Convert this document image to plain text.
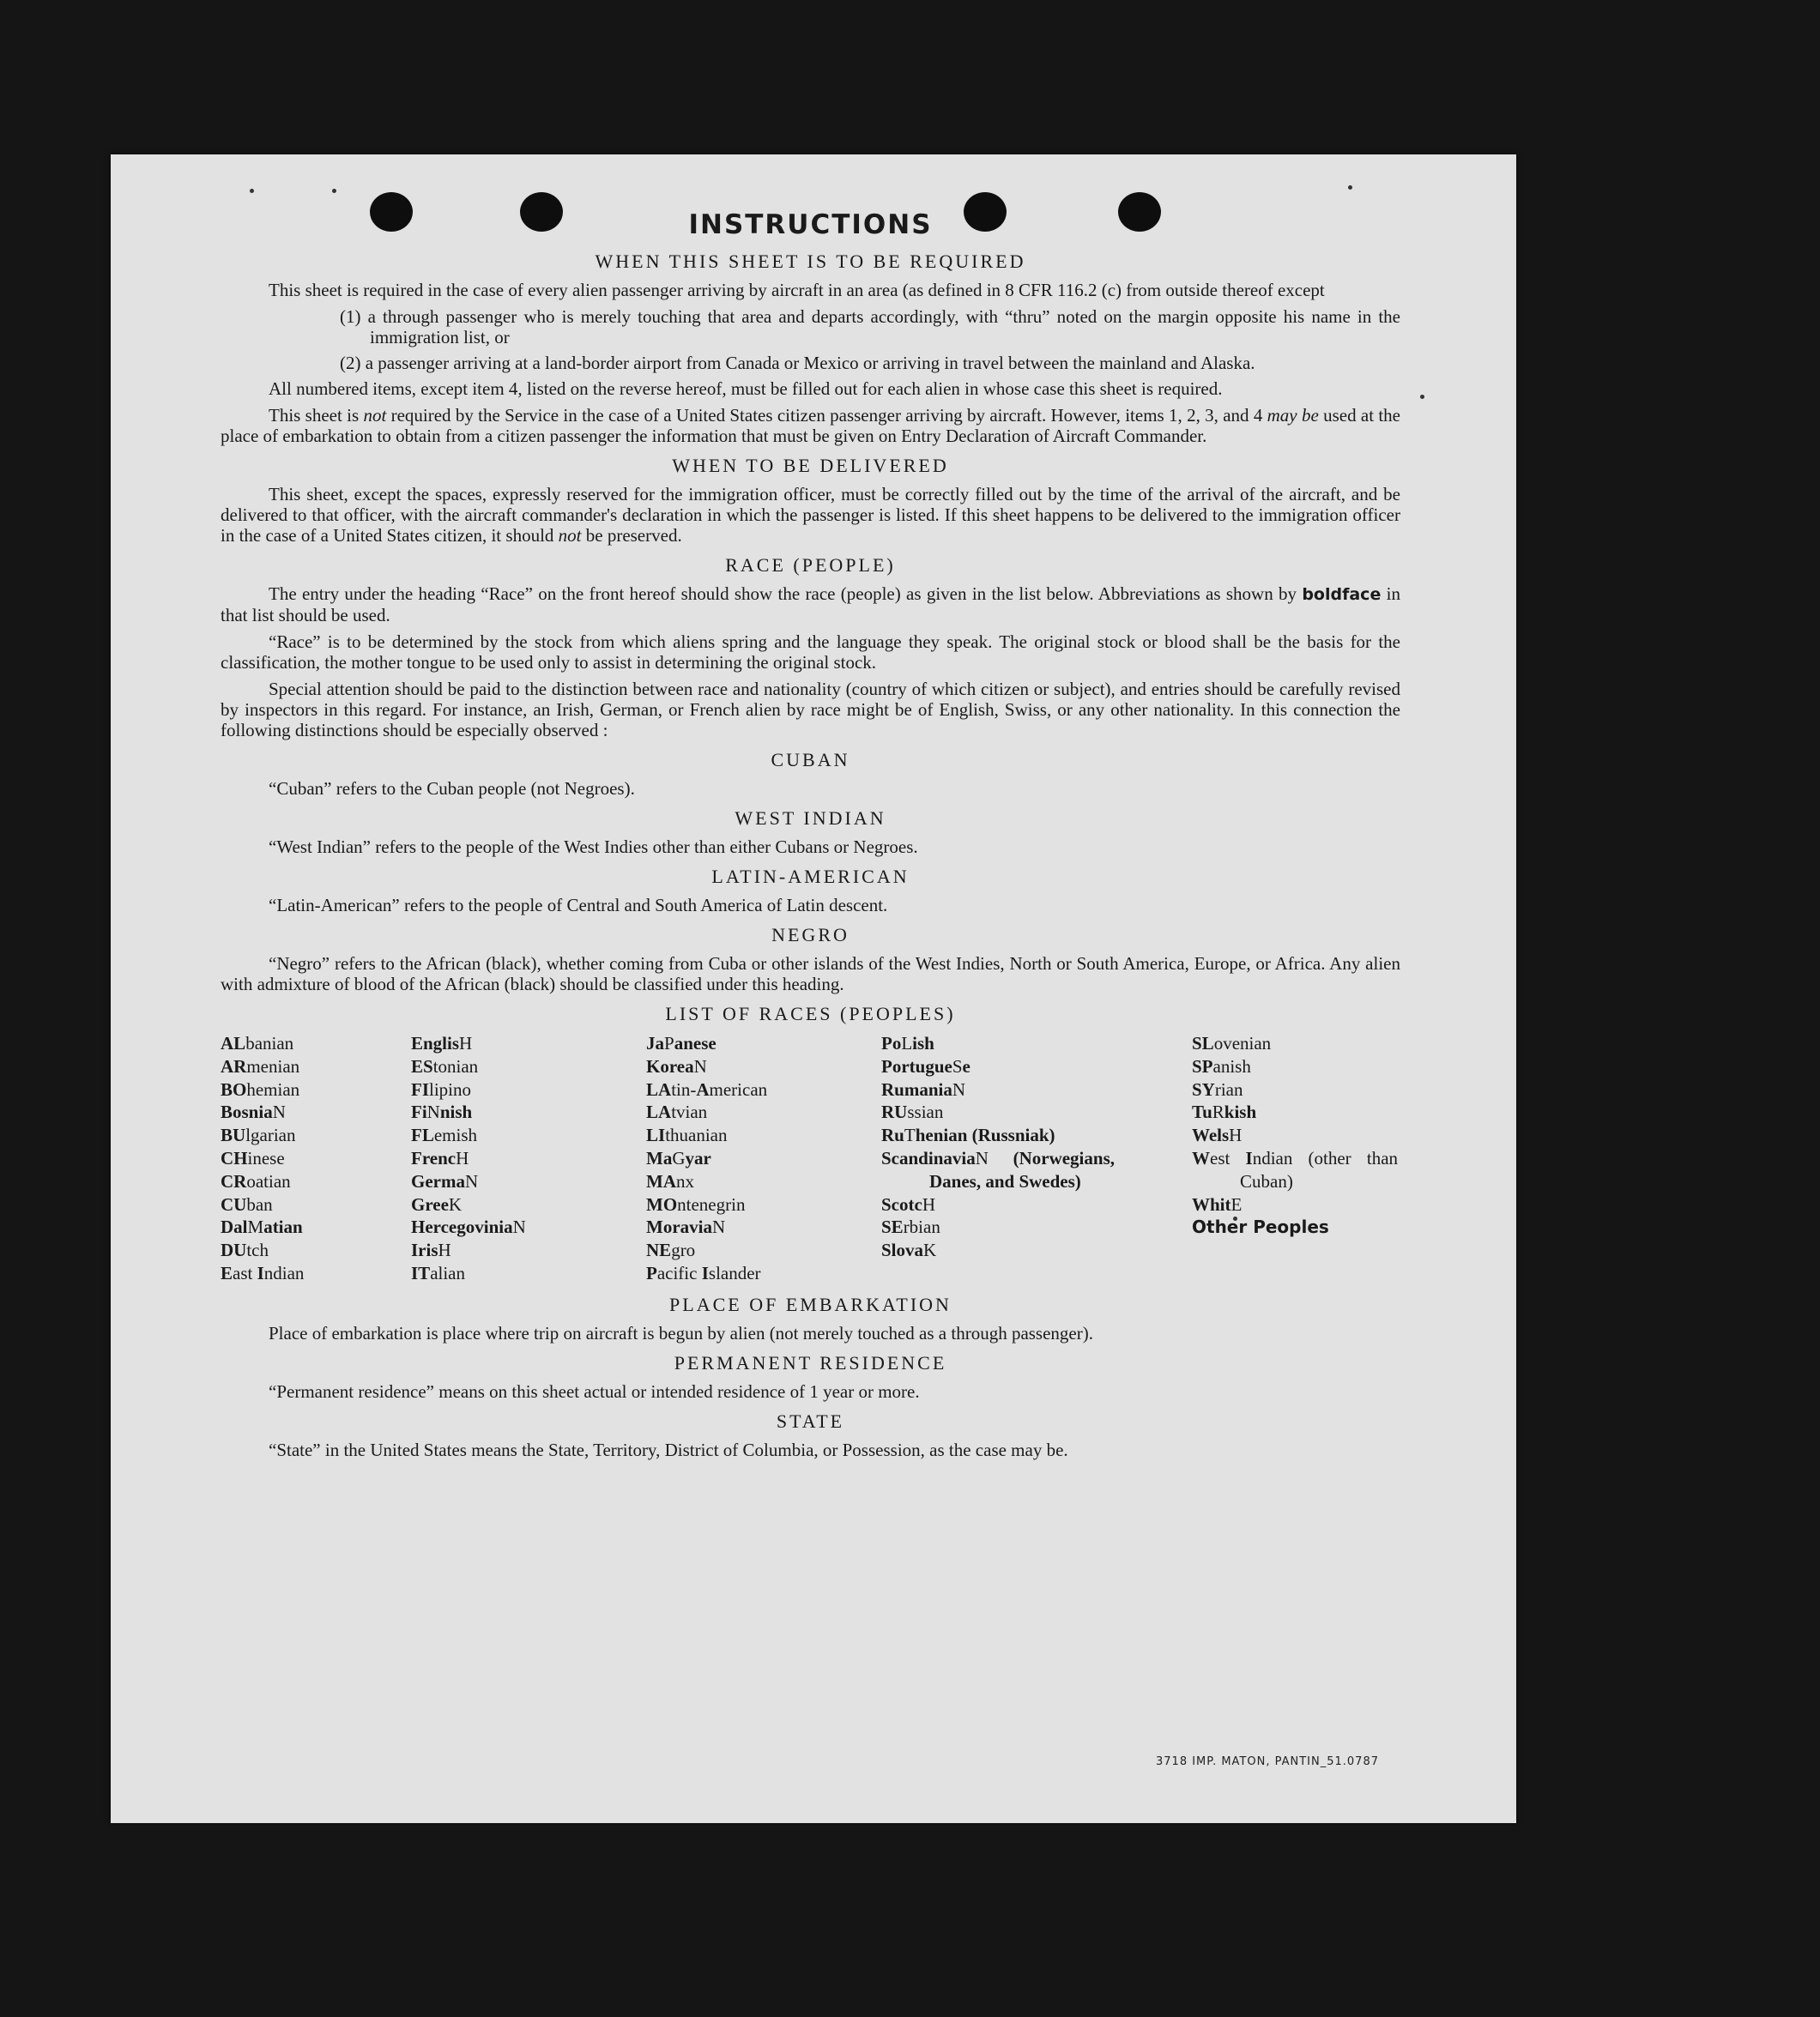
INSTRUCTIONS
WHEN THIS SHEET IS TO BE REQUIRED

This sheet is required in the case of every alien passenger arriving by aircraft in an area (as defined in 8 CFR 116.2 (c) from outside thereof except

(1) a through passenger who is merely touching that area and departs accordingly, with “thru” noted on the margin opposite his name in the immigration list, or

(2) a passenger arriving at a land-border airport from Canada or Mexico or arriving in travel between the mainland and Alaska.

All numbered items, except item 4, listed on the reverse hereof, must be filled out for each alien in whose case this sheet is required.

This sheet is not required by the Service in the case of a United States citizen passenger arriving by aircraft. However, items 1, 2, 3, and 4 may be used at the place of embarkation to obtain from a citizen passenger the information that must be given on Entry Declaration of Aircraft Commander.

WHEN TO BE DELIVERED

This sheet, except the spaces, expressly reserved for the immigration officer, must be correctly filled out by the time of the arrival of the aircraft, and be delivered to that officer, with the aircraft commander's declaration in which the passenger is listed. If this sheet happens to be delivered to the immigration officer in the case of a United States citizen, it should not be preserved.

RACE (PEOPLE)

The entry under the heading “Race” on the front hereof should show the race (people) as given in the list below. Abbreviations as shown by boldface in that list should be used.

“Race” is to be determined by the stock from which aliens spring and the language they speak. The original stock or blood shall be the basis for the classification, the mother tongue to be used only to assist in determining the original stock.

Special attention should be paid to the distinction between race and nationality (country of which citizen or subject), and entries should be carefully revised by inspectors in this regard. For instance, an Irish, German, or French alien by race might be of English, Swiss, or any other nationality. In this connection the following distinctions should be especially observed :

CUBAN

“Cuban” refers to the Cuban people (not Negroes).

WEST INDIAN

“West Indian” refers to the people of the West Indies other than either Cubans or Negroes.

LATIN-AMERICAN

“Latin-American” refers to the people of Central and South America of Latin descent.

NEGRO

“Negro” refers to the African (black), whether coming from Cuba or other islands of the West Indies, North or South America, Europe, or Africa. Any alien with admixture of blood of the African (black) should be classified under this heading.

LIST OF RACES (PEOPLES)
ALbanian
ARmenian
BOhemian
BosniaN
BUlgarian
CHinese
CRoatian
CUban
DalMatian
DUtch
East Indian
EnglisH
EStonian
FIlipino
FiNnish
FLemish
FrencH
GermaN
GreeK
HercegoviniaN
IrisH
ITalian
JaPanese
KoreaN
LAtin-American
LAtvian
LIthuanian
MaGyar
MAnx
MOntenegrin
MoraviaN
NEgro
Pacific Islander
PoLish
PortugueSe
RumaniaN
RUssian
RuThenian (Russniak)
ScandinaviaN (Norwegians, Danes, and Swedes)
ScotcH
SErbian
SlovaK
SLovenian
SPanish
SYrian
TuRkish
WelsH
West Indian (other than Cuban)
WhitE
Other Peoples
PLACE OF EMBARKATION

Place of embarkation is place where trip on aircraft is begun by alien (not merely touched as a through passenger).

PERMANENT RESIDENCE

“Permanent residence” means on this sheet actual or intended residence of 1 year or more.

STATE

“State” in the United States means the State, Territory, District of Columbia, or Possession, as the case may be.

3718 IMP. MATON, PANTIN_51.0787
